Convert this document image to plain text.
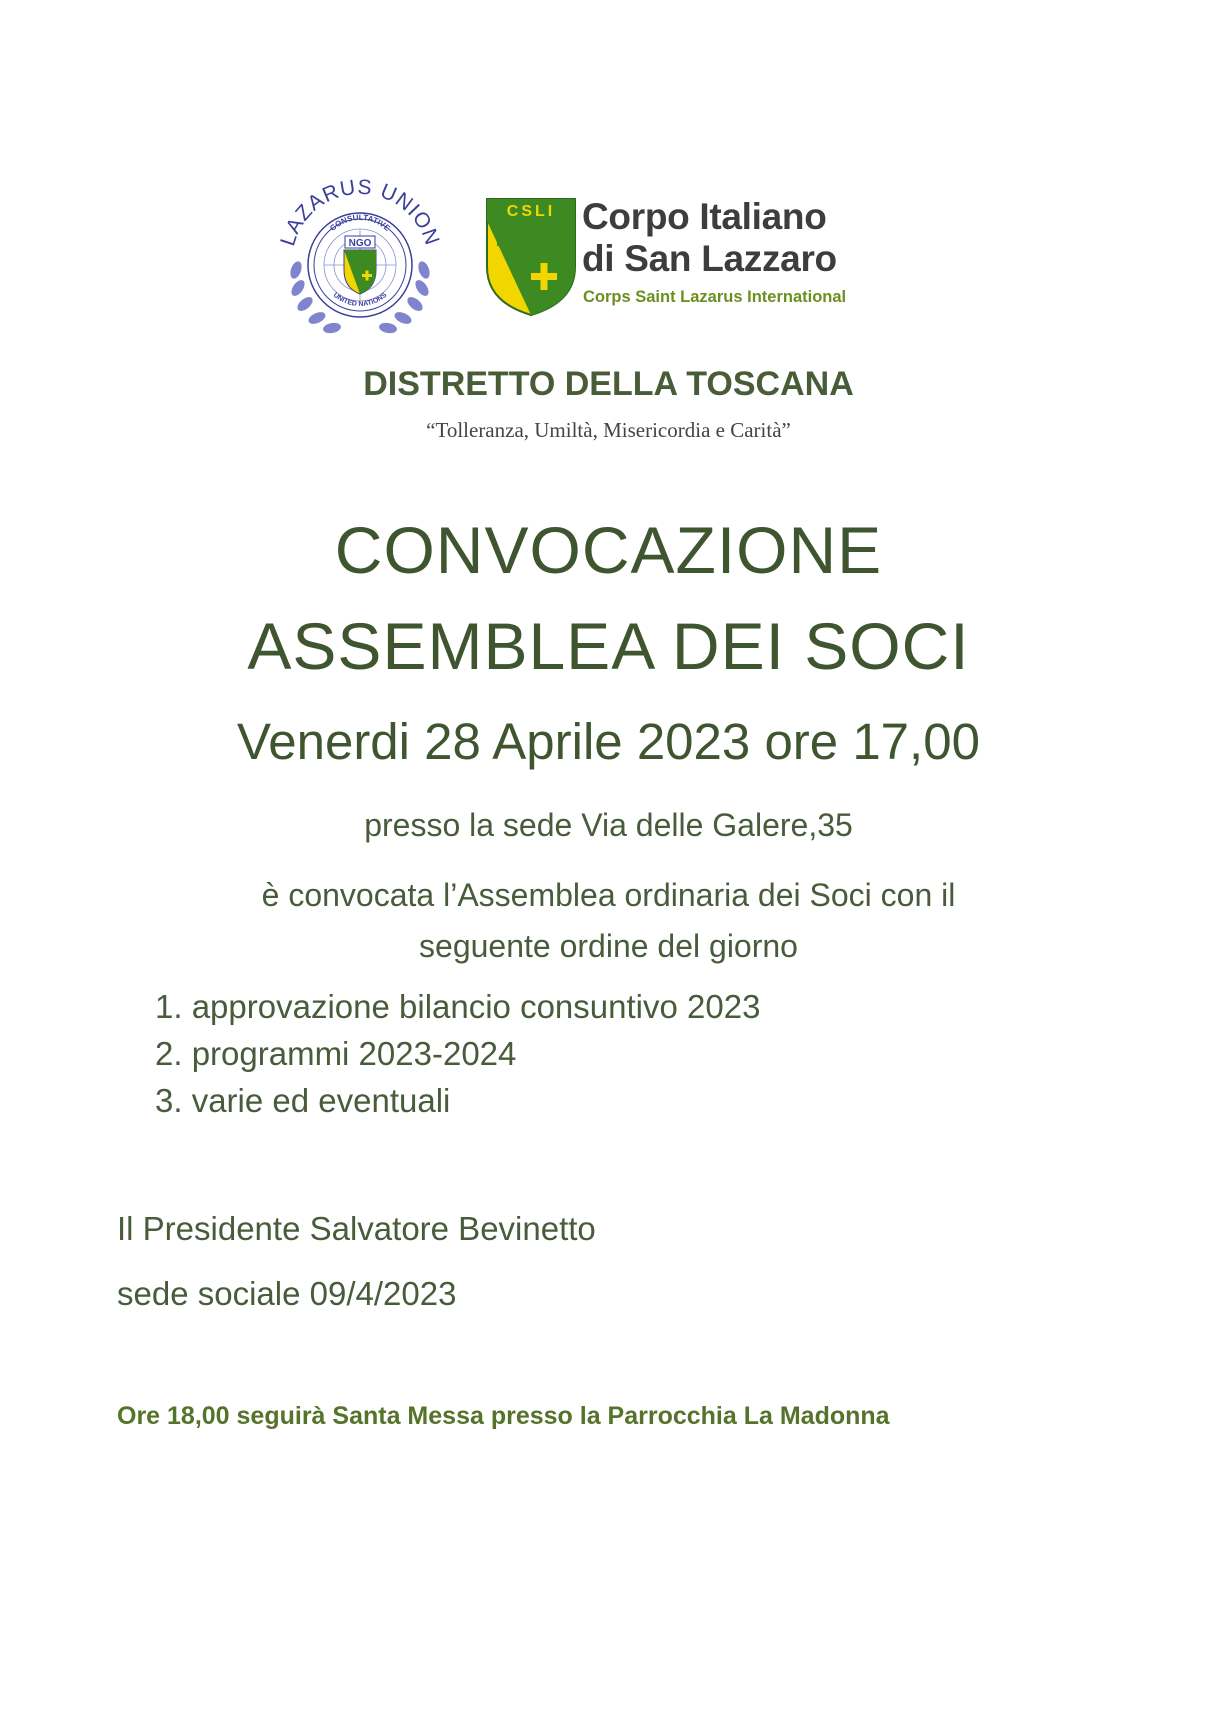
LAZARUS UNION
CONSULTATIVE
UNITED NATIONS
NGO
CSLI Corpo Italiano
di San Lazzaro
Corps Saint Lazarus International
DISTRETTO DELLA TOSCANA
“Tolleranza, Umiltà, Misericordia e Carità”
CONVOCAZIONE
ASSEMBLEA DEI SOCI
Venerdi 28 Aprile 2023 ore 17,00
presso la sede Via delle Galere,35
è convocata l’Assemblea ordinaria dei Soci con il
seguente ordine del giorno
1. approvazione bilancio consuntivo 2023
2. programmi 2023-2024
3. varie ed eventuali
Il Presidente Salvatore Bevinetto
sede sociale 09/4/2023
Ore 18,00 seguirà Santa Messa presso la Parrocchia La Madonna
